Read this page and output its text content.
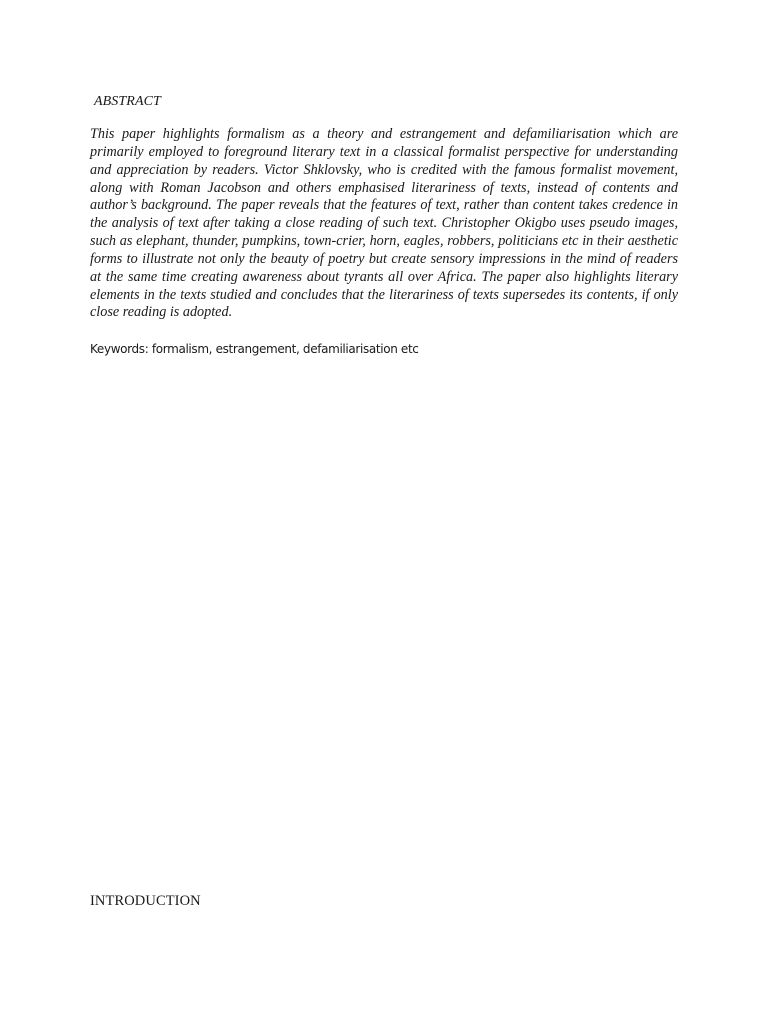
ABSTRACT

This paper highlights formalism as a theory and estrangement and defamiliarisation which are primarily employed to foreground literary text in a classical formalist perspective for understanding and appreciation by readers. Victor Shklovsky, who is credited with the famous formalist movement, along with Roman Jacobson and others emphasised literariness of texts, instead of contents and author’s background. The paper reveals that the features of text, rather than content takes credence in the analysis of text after taking a close reading of such text. Christopher Okigbo uses pseudo images, such as elephant, thunder, pumpkins, town-crier, horn, eagles, robbers, politicians etc in their aesthetic forms to illustrate not only the beauty of poetry but create sensory impressions in the mind of readers at the same time creating awareness about tyrants all over Africa. The paper also highlights literary elements in the texts studied and concludes that the literariness of texts supersedes its contents, if only close reading is adopted.

Keywords: formalism, estrangement, defamiliarisation etc
INTRODUCTION
